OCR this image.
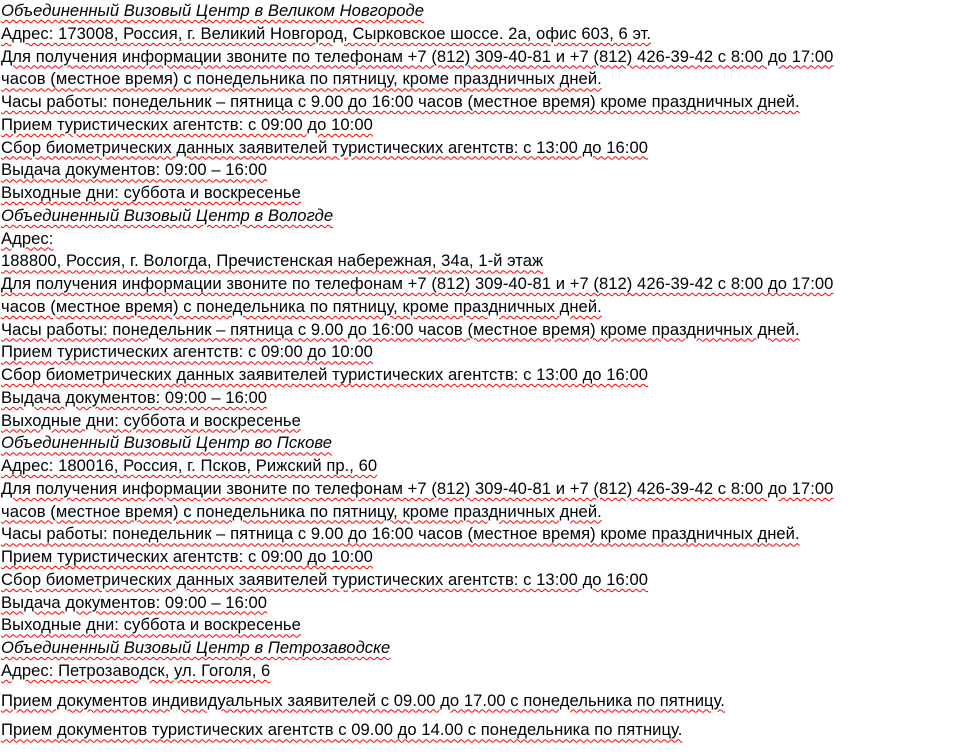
Объединенный Визовый Центр в Великом Новгороде
Адрес: 173008, Россия, г. Великий Новгород, Сырковское шоссе. 2а, офис 603, 6 эт.
Для получения информации звоните по телефонам +7 (812) 309-40-81 и +7 (812) 426-39-42 с 8:00 до 17:00
часов (местное время) с понедельника по пятницу, кроме праздничных дней.
Часы работы: понедельник – пятница с 9.00 до 16:00 часов (местное время) кроме праздничных дней.
Прием туристических агентств: с 09:00 до 10:00
Сбор биометрических данных заявителей туристических агентств: с 13:00 до 16:00
Выдача документов: 09:00 – 16:00
Выходные дни: суббота и воскресенье
Объединенный Визовый Центр в Вологде
Адрес:
188800, Россия, г. Вологда, Пречистенская набережная, 34а, 1-й этаж
Для получения информации звоните по телефонам +7 (812) 309-40-81 и +7 (812) 426-39-42 с 8:00 до 17:00
часов (местное время) с понедельника по пятницу, кроме праздничных дней.
Часы работы: понедельник – пятница с 9.00 до 16:00 часов (местное время) кроме праздничных дней.
Прием туристических агентств: с 09:00 до 10:00
Сбор биометрических данных заявителей туристических агентств: с 13:00 до 16:00
Выдача документов: 09:00 – 16:00
Выходные дни: суббота и воскресенье
Объединенный Визовый Центр во Пскове
Адрес: 180016, Россия, г. Псков, Рижский пр., 60
Для получения информации звоните по телефонам +7 (812) 309-40-81 и +7 (812) 426-39-42 с 8:00 до 17:00
часов (местное время) с понедельника по пятницу, кроме праздничных дней.
Часы работы: понедельник – пятница с 9.00 до 16:00 часов (местное время) кроме праздничных дней.
Прием туристических агентств: с 09:00 до 10:00
Сбор биометрических данных заявителей туристических агентств: с 13:00 до 16:00
Выдача документов: 09:00 – 16:00
Выходные дни: суббота и воскресенье
Объединенный Визовый Центр в Петрозаводске
Адрес: Петрозаводск, ул. Гоголя, 6
Прием документов индивидуальных заявителей с 09.00 до 17.00 с понедельника по пятницу.
Прием документов туристических агентств с 09.00 до 14.00 с понедельника по пятницу.
